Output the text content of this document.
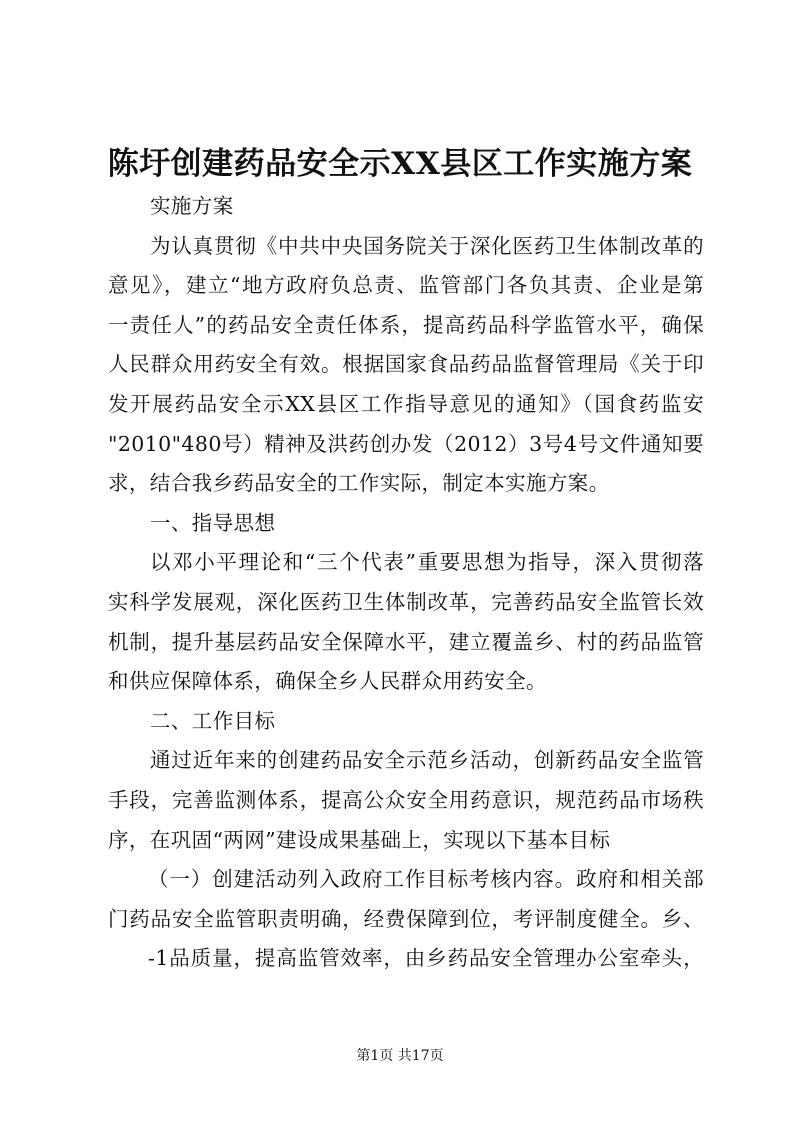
陈圩创建药品安全示XX县区工作实施方案
实施方案
为认真贯彻《中共中央国务院关于深化医药卫生体制改革的
意见》，建立“地方政府负总责、监管部门各负其责、企业是第
一责任人”的药品安全责任体系，提高药品科学监管水平，确保
人民群众用药安全有效。根据国家食品药品监督管理局《关于印
发开展药品安全示XX县区工作指导意见的通知》（国食药监安
"2010"480号）精神及洪药创办发（2012）3号4号文件通知要
求，结合我乡药品安全的工作实际，制定本实施方案。
一、指导思想
以邓小平理论和“三个代表”重要思想为指导，深入贯彻落
实科学发展观，深化医药卫生体制改革，完善药品安全监管长效
机制，提升基层药品安全保障水平，建立覆盖乡、村的药品监管
和供应保障体系，确保全乡人民群众用药安全。
二、工作目标
通过近年来的创建药品安全示范乡活动，创新药品安全监管
手段，完善监测体系，提高公众安全用药意识，规范药品市场秩
序，在巩固“两网”建设成果基础上，实现以下基本目标
（一）创建活动列入政府工作目标考核内容。政府和相关部
门药品安全监管职责明确，经费保障到位，考评制度健全。乡、
-1品质量，提高监管效率，由乡药品安全管理办公室牵头，
第1页 共17页
